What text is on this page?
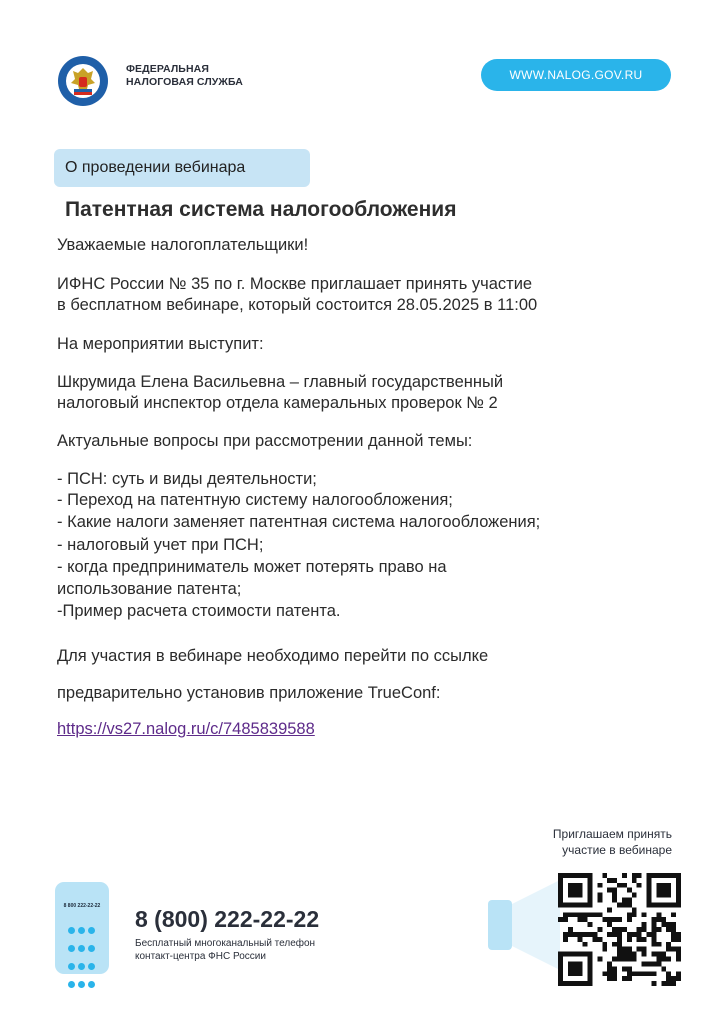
ФЕДЕРАЛЬНАЯ
НАЛОГОВАЯ СЛУЖБА	WWW.NALOG.GOV.RU
О проведении вебинара
Патентная система налогообложения
Уважаемые налогоплательщики!
ИФНС России № 35 по г. Москве приглашает принять участие
в бесплатном вебинаре, который состоится 28.05.2025 в 11:00
На мероприятии выступит:
Шкрумида Елена Васильевна – главный государственный
налоговый инспектор отдела камеральных проверок № 2
Актуальные вопросы при рассмотрении данной темы:
- ПСН: суть и виды деятельности;
- Переход на патентную систему налогообложения;
- Какие налоги заменяет патентная система налогообложения;
- налоговый учет при ПСН;
- когда предприниматель может потерять право на
использование патента;
-Пример расчета стоимости патента.
Для участия в вебинаре необходимо перейти по ссылке
предварительно установив приложение TrueConf:
https://vs27.nalog.ru/c/7485839588
8 800 222-22-22
	8 (800) 222-22-22
Бесплатный многоканальный телефон
контакт-центра ФНС России
Приглашаем принять
участие в вебинаре
